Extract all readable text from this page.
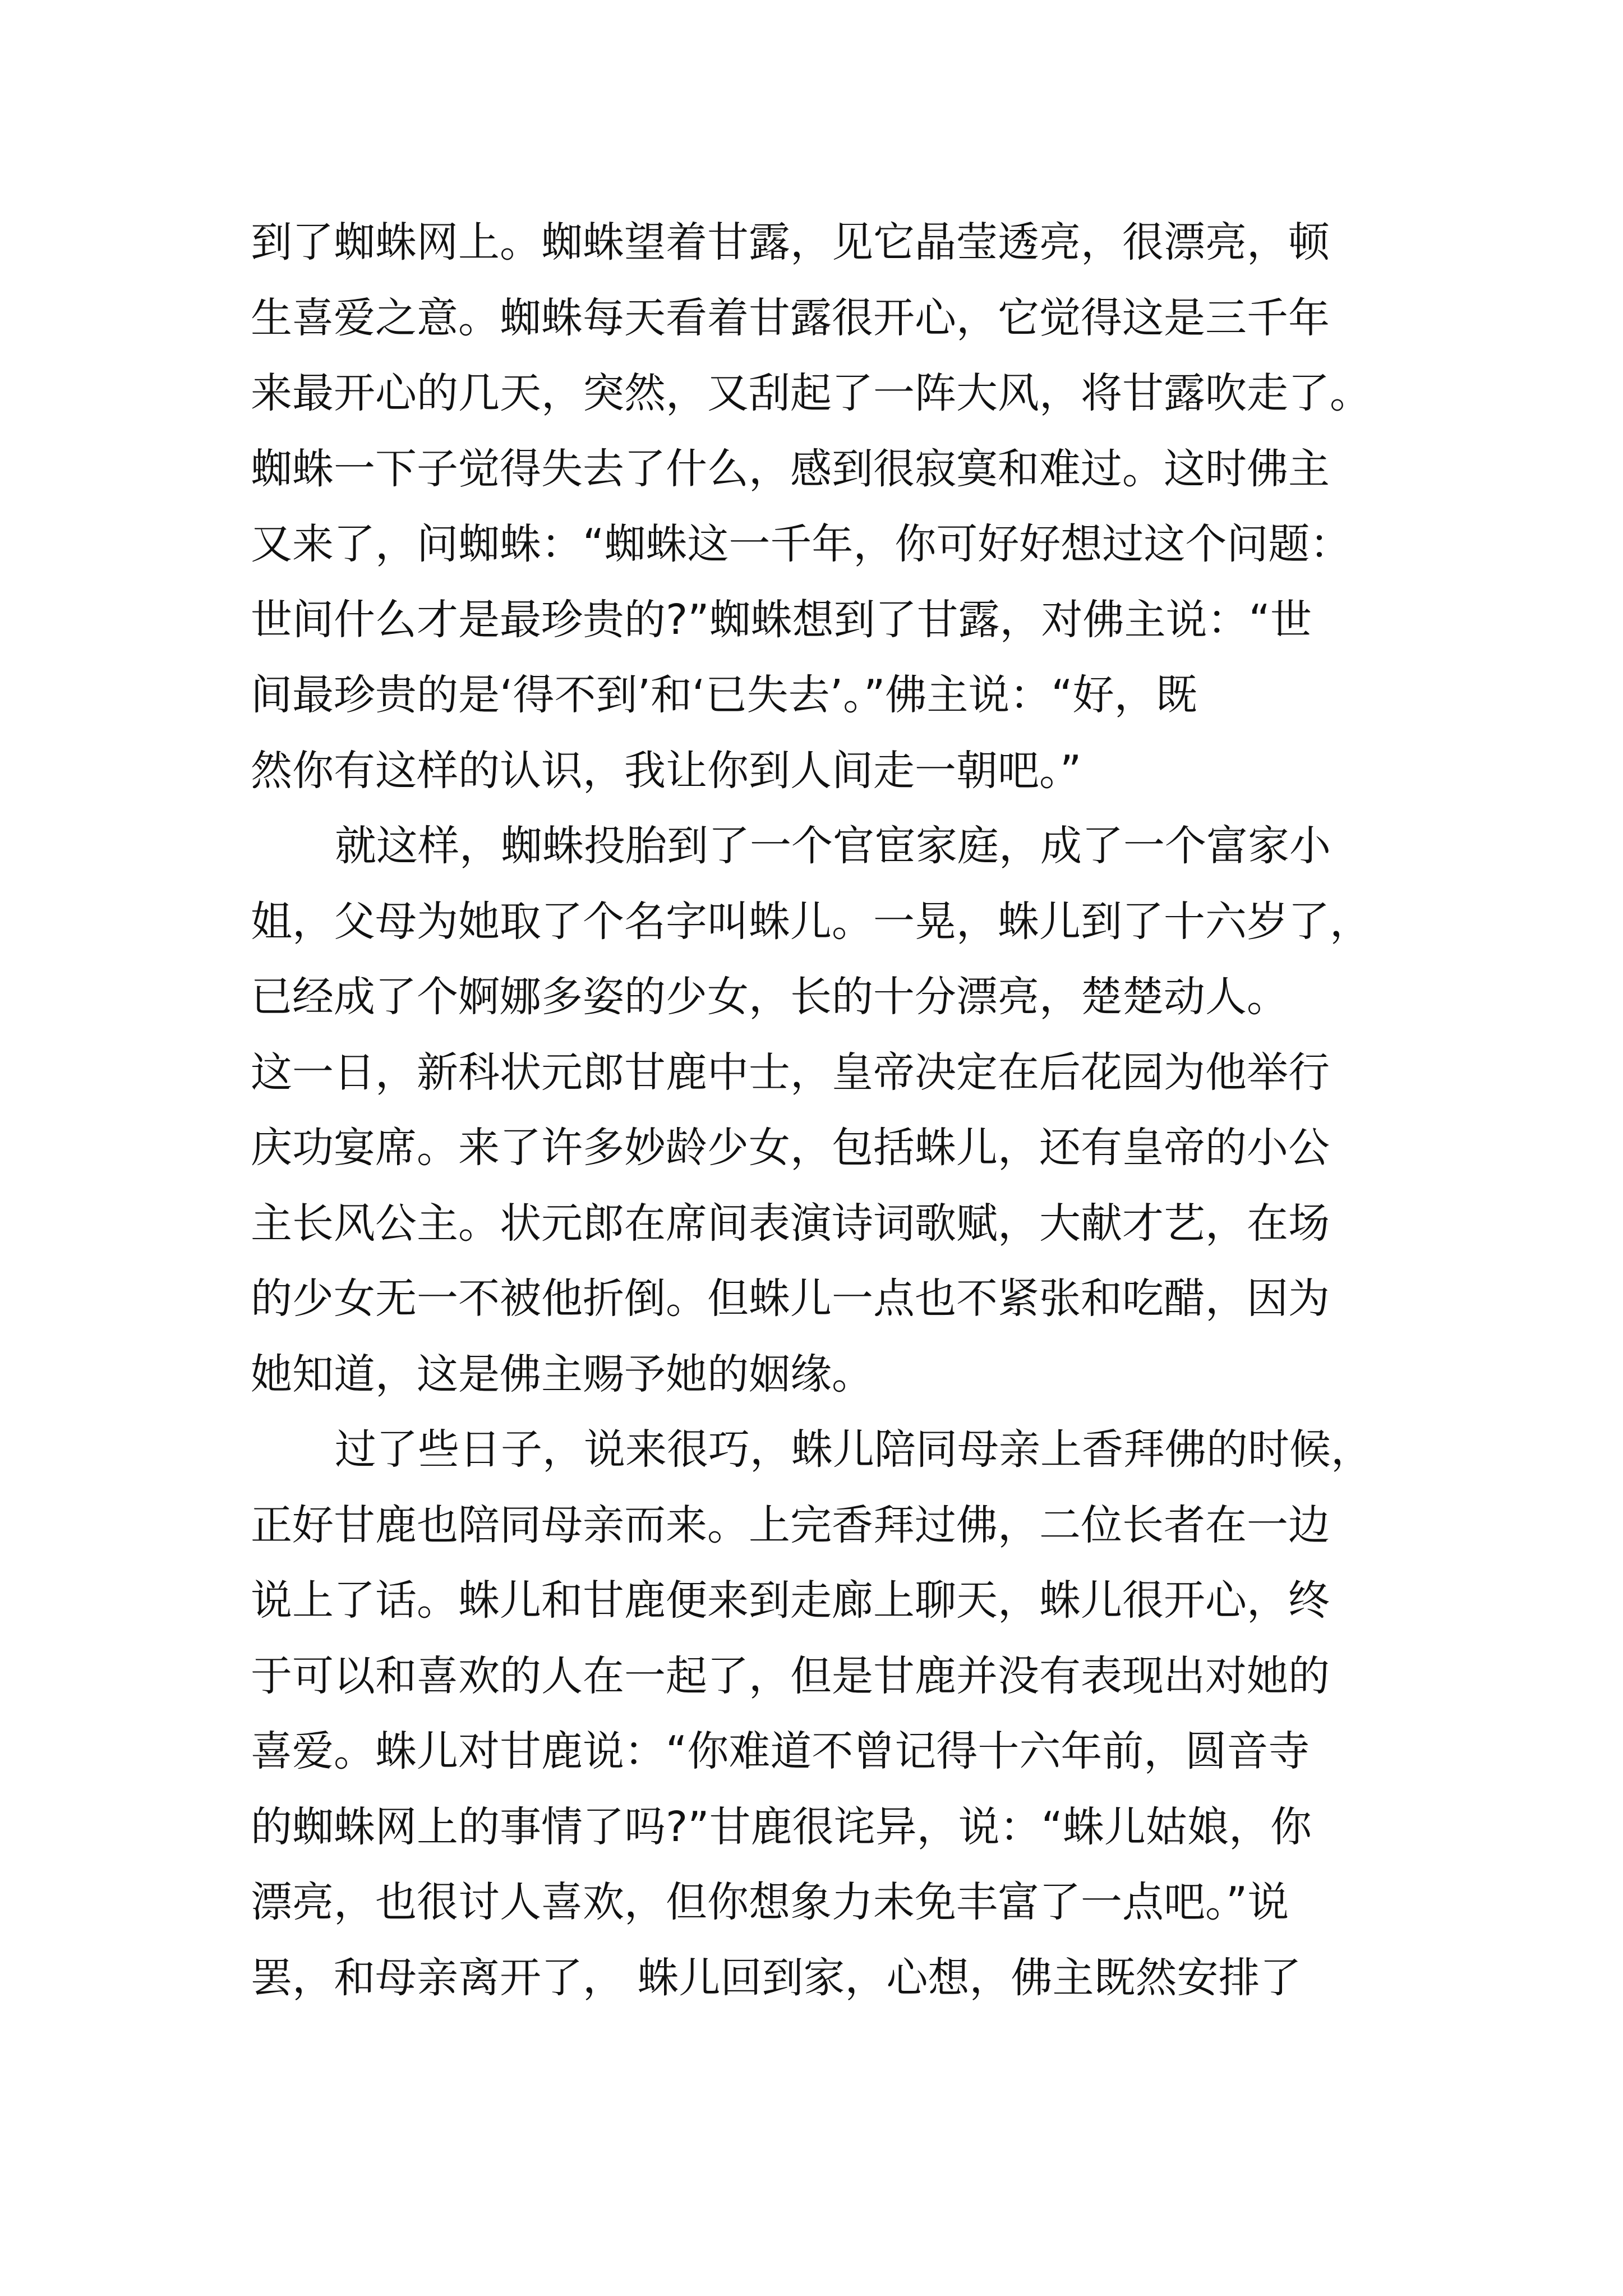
到了蜘蛛网上。蜘蛛望着甘露，见它晶莹透亮，很漂亮，顿
生喜爱之意。蜘蛛每天看着甘露很开心，它觉得这是三千年
来最开心的几天，突然，又刮起了一阵大风，将甘露吹走了。
蜘蛛一下子觉得失去了什么，感到很寂寞和难过。这时佛主
又来了，问蜘蛛：“蜘蛛这一千年，你可好好想过这个问题：
世间什么才是最珍贵的?”蜘蛛想到了甘露，对佛主说：“世
间最珍贵的是‘得不到’和‘已失去’。”佛主说：“好，既
然你有这样的认识，我让你到人间走一朝吧。”
就这样，蜘蛛投胎到了一个官宦家庭，成了一个富家小
姐，父母为她取了个名字叫蛛儿。一晃，蛛儿到了十六岁了，
已经成了个婀娜多姿的少女，长的十分漂亮，楚楚动人。
这一日，新科状元郎甘鹿中士，皇帝决定在后花园为他举行
庆功宴席。来了许多妙龄少女，包括蛛儿，还有皇帝的小公
主长风公主。状元郎在席间表演诗词歌赋，大献才艺，在场
的少女无一不被他折倒。但蛛儿一点也不紧张和吃醋，因为
她知道，这是佛主赐予她的姻缘。
过了些日子，说来很巧，蛛儿陪同母亲上香拜佛的时候，
正好甘鹿也陪同母亲而来。上完香拜过佛，二位长者在一边
说上了话。蛛儿和甘鹿便来到走廊上聊天，蛛儿很开心，终
于可以和喜欢的人在一起了，但是甘鹿并没有表现出对她的
喜爱。蛛儿对甘鹿说：“你难道不曾记得十六年前，圆音寺
的蜘蛛网上的事情了吗?”甘鹿很诧异，说：“蛛儿姑娘，你
漂亮，也很讨人喜欢，但你想象力未免丰富了一点吧。”说
罢，和母亲离开了， 蛛儿回到家，心想，佛主既然安排了
